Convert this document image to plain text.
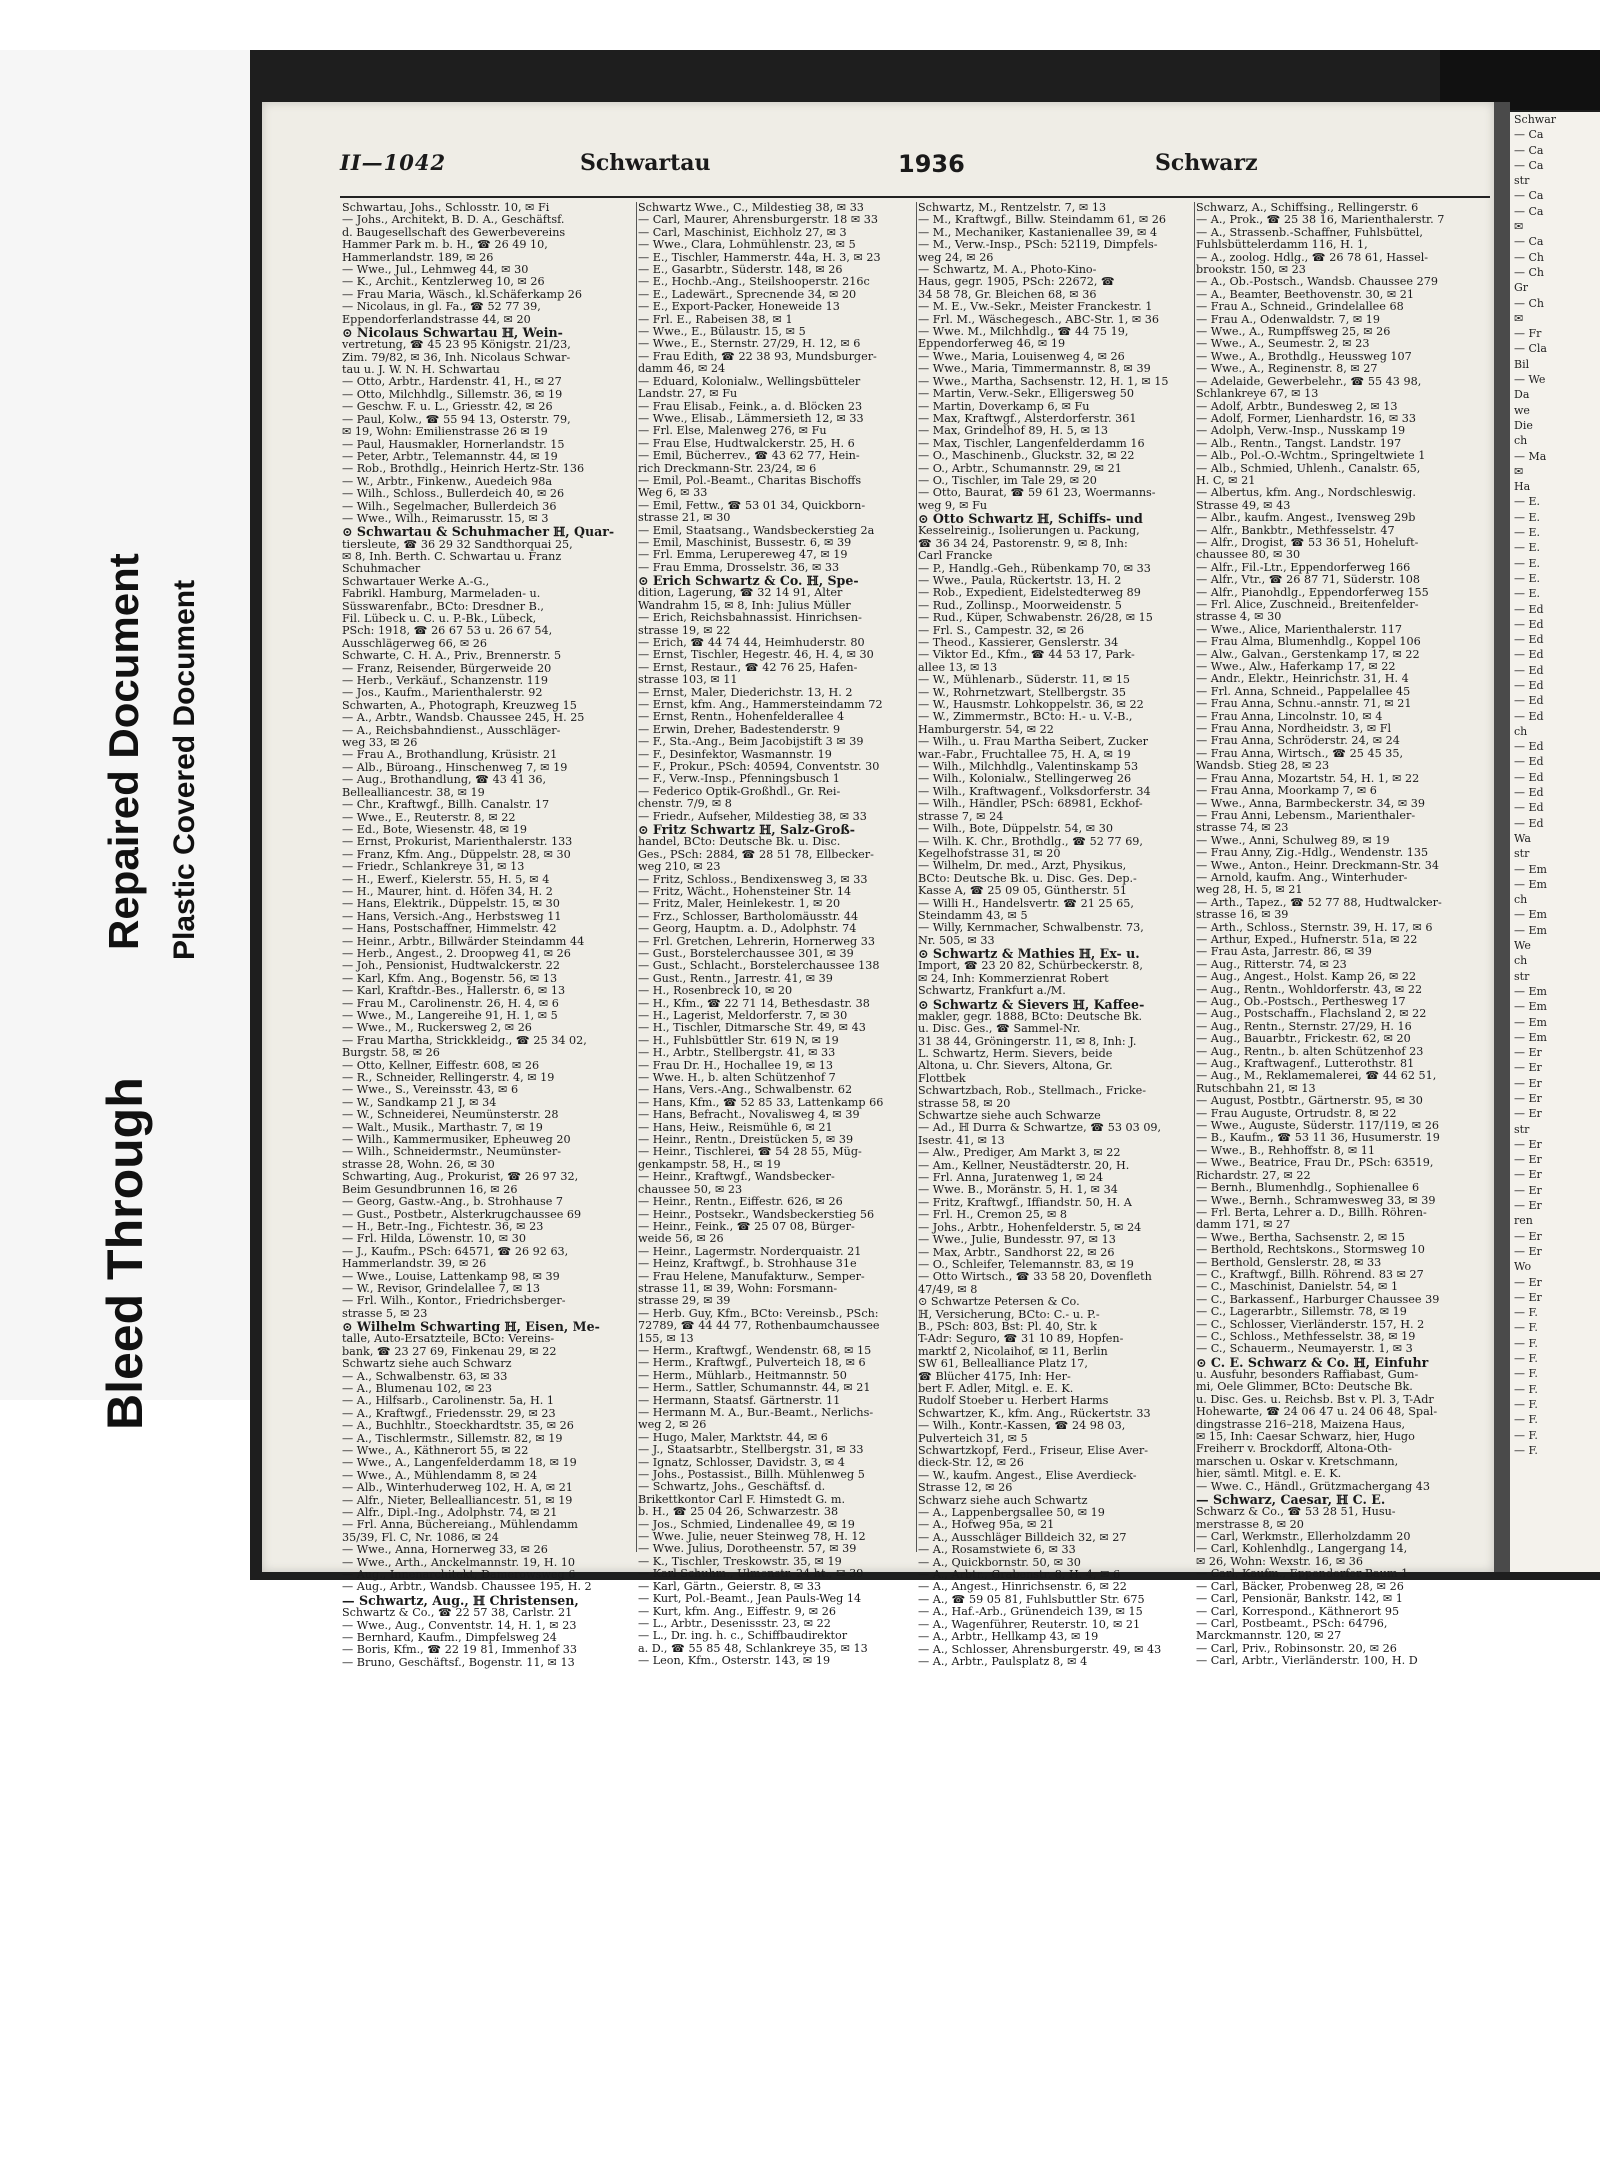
Bleed Through
Repaired Document Plastic Covered Document
Schwar
— Ca
— Ca
— Ca
str
— Ca
— Ca
✉
— Ca
— Ch
— Ch
Gr
— Ch
✉
— Fr
— Cla
Bil
— We
Da
we
Die
ch
— Ma
✉
Ha
— E.
— E.
— E.
— E.
— E.
— E.
— E.
— Ed
— Ed
— Ed
— Ed
— Ed
— Ed
— Ed
— Ed
ch
— Ed
— Ed
— Ed
— Ed
— Ed
— Ed
Wa
str
— Em
— Em
ch
— Em
— Em
We
ch
str
— Em
— Em
— Em
— Em
— Er
— Er
— Er
— Er
— Er
str
— Er
— Er
— Er
— Er
— Er
ren
— Er
— Er
Wo
— Er
— Er
— F.
— F.
— F.
— F.
— F.
— F.
— F.
— F.
— F.
— F.
II—1042	Schwartau	1936	Schwarz
Schwartau, Johs., Schlosstr. 10, ✉ Fi
— Johs., Architekt, B. D. A., Geschäftsf.
d. Baugesellschaft des Gewerbevereins
Hammer Park m. b. H., ☎ 26 49 10,
Hammerlandstr. 189, ✉ 26
— Wwe., Jul., Lehmweg 44, ✉ 30
— K., Archit., Kentzlerweg 10, ✉ 26
— Frau Maria, Wäsch., kl.Schäferkamp 26
— Nicolaus, in gl. Fa., ☎ 52 77 39,
Eppendorferlandstrasse 44, ✉ 20
⊙ Nicolaus Schwartau ℍ, Wein-
vertretung, ☎ 45 23 95 Königstr. 21/23,
Zim. 79/82, ✉ 36, Inh. Nicolaus Schwar-
tau u. J. W. N. H. Schwartau
— Otto, Arbtr., Hardenstr. 41, H., ✉ 27
— Otto, Milchhdlg., Sillemstr. 36, ✉ 19
— Geschw. F. u. L., Griesstr. 42, ✉ 26
— Paul, Kolw., ☎ 55 94 13, Osterstr. 79,
✉ 19, Wohn: Emilienstrasse 26 ✉ 19
— Paul, Hausmakler, Hornerlandstr. 15
— Peter, Arbtr., Telemannstr. 44, ✉ 19
— Rob., Brothdlg., Heinrich Hertz-Str. 136
— W., Arbtr., Finkenw., Auedeich 98a
— Wilh., Schloss., Bullerdeich 40, ✉ 26
— Wilh., Segelmacher, Bullerdeich 36
— Wwe., Wilh., Reimarusstr. 15, ✉ 3
⊙ Schwartau & Schuhmacher ℍ, Quar-
tiersleute, ☎ 36 29 32 Sandthorquai 25,
✉ 8, Inh. Berth. C. Schwartau u. Franz
Schuhmacher
Schwartauer Werke A.-G.,
Fabrikl. Hamburg, Marmeladen- u.
Süsswarenfabr., BCto: Dresdner B.,
Fil. Lübeck u. C. u. P.-Bk., Lübeck,
PSch: 1918, ☎ 26 67 53 u. 26 67 54,
Ausschlägerweg 66, ✉ 26
Schwarte, C. H. A., Priv., Brennerstr. 5
— Franz, Reisender, Bürgerweide 20
— Herb., Verkäuf., Schanzenstr. 119
— Jos., Kaufm., Marienthalerstr. 92
Schwarten, A., Photograph, Kreuzweg 15
— A., Arbtr., Wandsb. Chaussee 245, H. 25
— A., Reichsbahndienst., Ausschläger-
weg 33, ✉ 26
— Frau A., Brothandlung, Krüsistr. 21
— Alb., Büroang., Hinschenweg 7, ✉ 19
— Aug., Brothandlung, ☎ 43 41 36,
Bellealliancestr. 38, ✉ 19
— Chr., Kraftwgf., Billh. Canalstr. 17
— Wwe., E., Reuterstr. 8, ✉ 22
— Ed., Bote, Wiesenstr. 48, ✉ 19
— Ernst, Prokurist, Marienthalerstr. 133
— Franz, Kfm. Ang., Düppelstr. 28, ✉ 30
— Friedr., Schlankreye 31, ✉ 13
— H., Ewerf., Kielerstr. 55, H. 5, ✉ 4
— H., Maurer, hint. d. Höfen 34, H. 2
— Hans, Elektrik., Düppelstr. 15, ✉ 30
— Hans, Versich.-Ang., Herbstsweg 11
— Hans, Postschaffner, Himmelstr. 42
— Heinr., Arbtr., Billwärder Steindamm 44
— Herb., Angest., 2. Droopweg 41, ✉ 26
— Joh., Pensionist, Hudtwalckerstr. 22
— Karl, Kfm. Ang., Bogenstr. 56, ✉ 13
— Karl, Kraftdr.-Bes., Hallerstr. 6, ✉ 13
— Frau M., Carolinenstr. 26, H. 4, ✉ 6
— Wwe., M., Langereihe 91, H. 1, ✉ 5
— Wwe., M., Ruckersweg 2, ✉ 26
— Frau Martha, Strickkleidg., ☎ 25 34 02,
Burgstr. 58, ✉ 26
— Otto, Kellner, Eiffestr. 608, ✉ 26
— R., Schneider, Rellingerstr. 4, ✉ 19
— Wwe., S., Vereinsstr. 43, ✉ 6
— W., Sandkamp 21 J, ✉ 34
— W., Schneiderei, Neumünsterstr. 28
— Walt., Musik., Marthastr. 7, ✉ 19
— Wilh., Kammermusiker, Epheuweg 20
— Wilh., Schneidermstr., Neumünster-
strasse 28, Wohn. 26, ✉ 30
Schwarting, Aug., Prokurist, ☎ 26 97 32,
Beim Gesundbrunnen 16, ✉ 26
— Georg, Gastw.-Ang., b. Strohhause 7
— Gust., Postbetr., Alsterkrugchaussee 69
— H., Betr.-Ing., Fichtestr. 36, ✉ 23
— Frl. Hilda, Löwenstr. 10, ✉ 30
— J., Kaufm., PSch: 64571, ☎ 26 92 63,
Hammerlandstr. 39, ✉ 26
— Wwe., Louise, Lattenkamp 98, ✉ 39
— W., Revisor, Grindelallee 7, ✉ 13
— Frl. Wilh., Kontor., Friedrichsberger-
strasse 5, ✉ 23
⊙ Wilhelm Schwarting ℍ, Eisen, Me-
talle, Auto-Ersatzteile, BCto: Vereins-
bank, ☎ 23 27 69, Finkenau 29, ✉ 22
Schwartz siehe auch Schwarz
— A., Schwalbenstr. 63, ✉ 33
— A., Blumenau 102, ✉ 23
— A., Hilfsarb., Carolinenstr. 5a, H. 1
— A., Kraftwgf., Friedensstr. 29, ✉ 23
— A., Buchhltr., Stoeckhardtstr. 35, ✉ 26
— A., Tischlermstr., Sillemstr. 82, ✉ 19
— Wwe., A., Käthnerort 55, ✉ 22
— Wwe., A., Langenfelderdamm 18, ✉ 19
— Wwe., A., Mühlendamm 8, ✉ 24
— Alb., Winterhuderweg 102, H. A, ✉ 21
— Alfr., Nieter, Bellealliancestr. 51, ✉ 19
— Alfr., Dipl.-Ing., Adolphstr. 74, ✉ 21
— Frl. Anna, Büchereiang., Mühlendamm
35/39, Fl. C, Nr. 1086, ✉ 24
— Wwe., Anna, Hornerweg 33, ✉ 26
— Wwe., Arth., Anckelmannstr. 19, H. 10
— Aug., Innenarchitekt, Damerowsweg 6
— Aug., Arbtr., Wandsb. Chaussee 195, H. 2
— Schwartz, Aug., ℍ Christensen,
Schwartz & Co., ☎ 22 57 38, Carlstr. 21
— Wwe., Aug., Conventstr. 14, H. 1, ✉ 23
— Bernhard, Kaufm., Dimpfelsweg 24
— Boris, Kfm., ☎ 22 19 81, Immenhof 33
— Bruno, Geschäftsf., Bogenstr. 11, ✉ 13
Schwartz Wwe., C., Mildestieg 38, ✉ 33
— Carl, Maurer, Ahrensburgerstr. 18 ✉ 33
— Carl, Maschinist, Eichholz 27, ✉ 3
— Wwe., Clara, Lohmühlenstr. 23, ✉ 5
— E., Tischler, Hammerstr. 44a, H. 3, ✉ 23
— E., Gasarbtr., Süderstr. 148, ✉ 26
— E., Hochb.-Ang., Steilshooperstr. 216c
— E., Ladewärt., Sprecnende 34, ✉ 20
— E., Export-Packer, Honeweide 13
— Frl. E., Rabeisen 38, ✉ 1
— Wwe., E., Bülaustr. 15, ✉ 5
— Wwe., E., Sternstr. 27/29, H. 12, ✉ 6
— Frau Edith, ☎ 22 38 93, Mundsburger-
damm 46, ✉ 24
— Eduard, Kolonialw., Wellingsbütteler
Landstr. 27, ✉ Fu
— Frau Elisab., Feink., a. d. Blöcken 23
— Wwe., Elisab., Lämmersieth 12, ✉ 33
— Frl. Else, Malenweg 276, ✉ Fu
— Frau Else, Hudtwalckerstr. 25, H. 6
— Emil, Bücherrev., ☎ 43 62 77, Hein-
rich Dreckmann-Str. 23/24, ✉ 6
— Emil, Pol.-Beamt., Charitas Bischoffs
Weg 6, ✉ 33
— Emil, Fettw., ☎ 53 01 34, Quickborn-
strasse 21, ✉ 30
— Emil, Staatsang., Wandsbeckerstieg 2a
— Emil, Maschinist, Bussestr. 6, ✉ 39
— Frl. Emma, Lerupereweg 47, ✉ 19
— Frau Emma, Drosselstr. 36, ✉ 33
⊙ Erich Schwartz & Co. ℍ, Spe-
dition, Lagerung, ☎ 32 14 91, Alter
Wandrahm 15, ✉ 8, Inh: Julius Müller
— Erich, Reichsbahnassist. Hinrichsen-
strasse 19, ✉ 22
— Erich, ☎ 44 74 44, Heimhuderstr. 80
— Ernst, Tischler, Hegestr. 46, H. 4, ✉ 30
— Ernst, Restaur., ☎ 42 76 25, Hafen-
strasse 103, ✉ 11
— Ernst, Maler, Diederichstr. 13, H. 2
— Ernst, kfm. Ang., Hammersteindamm 72
— Ernst, Rentn., Hohenfelderallee 4
— Erwin, Dreher, Badestenderstr. 9
— F., Sta.-Ang., Beim Jacobijstift 3 ✉ 39
— F., Desinfektor, Wasmannstr. 19
— F., Prokur., PSch: 40594, Conventstr. 30
— F., Verw.-Insp., Pfenningsbusch 1
— Federico Optik-Großhdl., Gr. Rei-
chenstr. 7/9, ✉ 8
— Friedr., Aufseher, Mildestieg 38, ✉ 33
⊙ Fritz Schwartz ℍ, Salz-Groß-
handel, BCto: Deutsche Bk. u. Disc.
Ges., PSch: 2884, ☎ 28 51 78, Ellbecker-
weg 210, ✉ 23
— Fritz, Schloss., Bendixensweg 3, ✉ 33
— Fritz, Wächt., Hohensteiner Str. 14
— Fritz, Maler, Heinlekestr. 1, ✉ 20
— Frz., Schlosser, Bartholomäusstr. 44
— Georg, Hauptm. a. D., Adolphstr. 74
— Frl. Gretchen, Lehrerin, Hornerweg 33
— Gust., Borstelerchaussee 301, ✉ 39
— Gust., Schlacht., Borstelerchaussee 138
— Gust., Rentn., Jarrestr. 41, ✉ 39
— H., Rosenbreck 10, ✉ 20
— H., Kfm., ☎ 22 71 14, Bethesdastr. 38
— H., Lagerist, Meldorferstr. 7, ✉ 30
— H., Tischler, Ditmarsche Str. 49, ✉ 43
— H., Fuhlsbüttler Str. 619 N, ✉ 19
— H., Arbtr., Stellbergstr. 41, ✉ 33
— Frau Dr. H., Hochallee 19, ✉ 13
— Wwe. H., b. alten Schützenhof 7
— Hans, Vers.-Ang., Schwalbenstr. 62
— Hans, Kfm., ☎ 52 85 33, Lattenkamp 66
— Hans, Befracht., Novaliswеg 4, ✉ 39
— Hans, Heiw., Reismühle 6, ✉ 21
— Heinr., Rentn., Dreistücken 5, ✉ 39
— Heinr., Tischlerei, ☎ 54 28 55, Müg-
genkampstr. 58, H., ✉ 19
— Heinr., Kraftwgf., Wandsbecker-
chaussee 50, ✉ 23
— Heinr., Rentn., Eiffestr. 626, ✉ 26
— Heinr., Postsekr., Wandsbeckerstieg 56
— Heinr., Feink., ☎ 25 07 08, Bürger-
weide 56, ✉ 26
— Heinr., Lagermstr. Norderquaistr. 21
— Heinz, Kraftwgf., b. Strohhause 31e
— Frau Helene, Manufakturw., Semper-
strasse 11, ✉ 39, Wohn: Forsmann-
strasse 29, ✉ 39
— Herb. Guy, Kfm., BCto: Vereinsb., PSch:
72789, ☎ 44 44 77, Rothenbaumchaussee
155, ✉ 13
— Herm., Kraftwgf., Wendenstr. 68, ✉ 15
— Herm., Kraftwgf., Pulverteich 18, ✉ 6
— Herm., Mühlarb., Heitmannstr. 50
— Herm., Sattler, Schumannstr. 44, ✉ 21
— Hermann, Staatsf. Gärtnerstr. 11
— Hermann M. A., Bur.-Beamt., Nerlichs-
weg 2, ✉ 26
— Hugo, Maler, Marktstr. 44, ✉ 6
— J., Staatsarbtr., Stellbergstr. 31, ✉ 33
— Ignatz, Schlosser, Davidstr. 3, ✉ 4
— Johs., Postassist., Billh. Mühlenweg 5
— Schwartz, Johs., Geschäftsf. d.
Brikettkontor Carl F. Himstedt G. m.
b. H., ☎ 25 04 26, Schwarzestr. 38
— Jos., Schmied, Lindenallee 49, ✉ 19
— Wwe. Julie, neuer Steinweg 78, H. 12
— Wwe. Julius, Dorotheenstr. 57, ✉ 39
— K., Tischler, Treskowstr. 35, ✉ 19
— Karl Schuhm., Ulmenstr. 24 ht., ✉ 39
— Karl, Gärtn., Geierstr. 8, ✉ 33
— Kurt, Pol.-Beamt., Jean Pauls-Weg 14
— Kurt, kfm. Ang., Eiffestr. 9, ✉ 26
— L., Arbtr., Desenissstr. 23, ✉ 22
— L., Dr. ing. h. c., Schiffbaudirektor
a. D., ☎ 55 85 48, Schlankreye 35, ✉ 13
— Leon, Kfm., Osterstr. 143, ✉ 19
Schwartz, M., Rentzelstr. 7, ✉ 13
— M., Kraftwgf., Billw. Steindamm 61, ✉ 26
— M., Mechaniker, Kastanienallee 39, ✉ 4
— M., Verw.-Insp., PSch: 52119, Dimpfels-
weg 24, ✉ 26
— Schwartz, M. A., Photo-Kino-
Haus, gegr. 1905, PSch: 22672, ☎
34 58 78, Gr. Bleichen 68, ✉ 36
— M. E., Vw.-Sekr., Meister Franckestr. 1
— Frl. M., Wäschegesch., ABC-Str. 1, ✉ 36
— Wwe. M., Milchhdlg., ☎ 44 75 19,
Eppendorferweg 46, ✉ 19
— Wwe., Maria, Louisenweg 4, ✉ 26
— Wwe., Maria, Timmermannstr. 8, ✉ 39
— Wwe., Martha, Sachsenstr. 12, H. 1, ✉ 15
— Martin, Verw.-Sekr., Elligersweg 50
— Martin, Doverkamp 6, ✉ Fu
— Max, Kraftwgf., Alsterdorferstr. 361
— Max, Grindelhof 89, H. 5, ✉ 13
— Max, Tischler, Langenfelderdamm 16
— O., Maschinenb., Gluckstr. 32, ✉ 22
— O., Arbtr., Schumannstr. 29, ✉ 21
— O., Tischler, im Tale 29, ✉ 20
— Otto, Baurat, ☎ 59 61 23, Woermanns-
weg 9, ✉ Fu
⊙ Otto Schwartz ℍ, Schiffs- und
Kesselreinig., Isolierungen u. Packung,
☎ 36 34 24, Pastorenstr. 9, ✉ 8, Inh:
Carl Francke
— P., Handlg.-Geh., Rübenkamp 70, ✉ 33
— Wwe., Paula, Rückertstr. 13, H. 2
— Rob., Expedient, Eidelstedterweg 89
— Rud., Zollinsp., Moorweidenstr. 5
— Rud., Küper, Schwabenstr. 26/28, ✉ 15
— Frl. S., Campestr. 32, ✉ 26
— Theod., Kassierer, Genslerstr. 34
— Viktor Ed., Kfm., ☎ 44 53 17, Park-
allee 13, ✉ 13
— W., Mühlenarb., Süderstr. 11, ✉ 15
— W., Rohrnetzwart, Stellbergstr. 35
— W., Hausmstr. Lohkoppelstr. 36, ✉ 22
— W., Zimmermstr., BCto: H.- u. V.-B.,
Hamburgerstr. 54, ✉ 22
— Wilh., u. Frau Martha Seibert, Zucker
war.-Fabr., Fruchtallee 75, H. A, ✉ 19
— Wilh., Milchhdlg., Valentinskamp 53
— Wilh., Kolonialw., Stellingerweg 26
— Wilh., Kraftwagenf., Volksdorferstr. 34
— Wilh., Händler, PSch: 68981, Eckhof-
strasse 7, ✉ 24
— Wilh., Bote, Düppelstr. 54, ✉ 30
— Wilh. K. Chr., Brothdlg., ☎ 52 77 69,
Kegelhofstrasse 31, ✉ 20
— Wilhelm, Dr. med., Arzt, Physikus,
BCto: Deutsche Bk. u. Disc. Ges. Dep.-
Kasse A, ☎ 25 09 05, Güntherstr. 51
— Willi H., Handelsvertr. ☎ 21 25 65,
Steindamm 43, ✉ 5
— Willy, Kernmacher, Schwalbenstr. 73,
Nr. 505, ✉ 33
⊙ Schwartz & Mathies ℍ, Ex- u.
Import, ☎ 23 20 82, Schürbeckerstr. 8,
✉ 24, Inh: Kommerzienrat Robert
Schwartz, Frankfurt a./M.
⊙ Schwartz & Sievers ℍ, Kaffee-
makler, gegr. 1888, BCto: Deutsche Bk.
u. Disc. Ges., ☎ Sammel-Nr.
31 38 44, Gröningerstr. 11, ✉ 8, Inh: J.
L. Schwartz, Herm. Sievers, beide
Altona, u. Chr. Sievers, Altona, Gr.
Flottbek
Schwartzbach, Rob., Stellmach., Fricke-
strasse 58, ✉ 20
Schwartze siehe auch Schwarze
— Ad., ℍ Durra & Schwartze, ☎ 53 03 09,
Isestr. 41, ✉ 13
— Alw., Prediger, Am Markt 3, ✉ 22
— Am., Kellner, Neustädterstr. 20, H.
— Frl. Anna, Juratenweg 1, ✉ 24
— Wwe. B., Moränstr. 5, H. 1, ✉ 34
— Fritz, Kraftwgf., Iffiandstr. 50, H. A
— Frl. H., Cremon 25, ✉ 8
— Johs., Arbtr., Hohenfelderstr. 5, ✉ 24
— Wwe., Julie, Bundesstr. 97, ✉ 13
— Max, Arbtr., Sandhorst 22, ✉ 26
— O., Schleifer, Telemannstr. 83, ✉ 19
— Otto Wirtsch., ☎ 33 58 20, Dovenfleth
47/49, ✉ 8
⊙ Schwartze Petersen & Co.
ℍ, Versicherung, BCto: C.- u. P.-
B., PSch: 803, Bst: Pl. 40, Str. k
T-Adr: Seguro, ☎ 31 10 89, Hopfen-
marktf 2, Nicolaihof, ✉ 11, Berlin
SW 61, Bellealliance Platz 17,
☎ Blücher 4175, Inh: Her-
bert F. Adler, Mitgl. e. E. K.
Rudolf Stoeber u. Herbert Harms
Schwartzer, K., kfm. Ang., Rückertstr. 33
— Wilh., Kontr.-Kassen, ☎ 24 98 03,
Pulverteich 31, ✉ 5
Schwartzkopf, Ferd., Friseur, Elise Aver-
dieck-Str. 12, ✉ 26
— W., kaufm. Angest., Elise Averdieck-
Strasse 12, ✉ 26
Schwarz siehe auch Schwartz
— A., Lappenbergsallee 50, ✉ 19
— A., Hofweg 95a, ✉ 21
— A., Ausschläger Billdeich 32, ✉ 27
— A., Rosamstwiete 6, ✉ 33
— A., Quickbornstr. 50, ✉ 30
— A., Arbtr., Grabenstr. 8, H. 4, ✉ 6
— A., Angest., Hinrichsenstr. 6, ✉ 22
— A., ☎ 59 05 81, Fuhlsbuttler Str. 675
— A., Haf.-Arb., Grünendeich 139, ✉ 15
— A., Wagenführer, Reuterstr. 10, ✉ 21
— A., Arbtr., Hellkamp 43, ✉ 19
— A., Schlosser, Ahrensburgerstr. 49, ✉ 43
— A., Arbtr., Paulsplatz 8, ✉ 4
Schwarz, A., Schiffsing., Rellingerstr. 6
— A., Prok., ☎ 25 38 16, Marienthalerstr. 7
— A., Strassenb.-Schaffner, Fuhlsbüttel,
Fuhlsbüttelerdamm 116, H. 1,
— A., zoolog. Hdlg., ☎ 26 78 61, Hassel-
brookstr. 150, ✉ 23
— A., Ob.-Postsch., Wandsb. Chaussee 279
— A., Beamter, Beethovenstr. 30, ✉ 21
— Frau A., Schneid., Grindelallee 68
— Frau A., Odenwaldstr. 7, ✉ 19
— Wwe., A., Rumpffsweg 25, ✉ 26
— Wwe., A., Seumestr. 2, ✉ 23
— Wwe., A., Brothdlg., Heussweg 107
— Wwe., A., Reginenstr. 8, ✉ 27
— Adelaide, Gewerbelehr., ☎ 55 43 98,
Schlankreye 67, ✉ 13
— Adolf, Arbtr., Bundesweg 2, ✉ 13
— Adolf, Former, Lienhardstr. 16, ✉ 33
— Adolph, Verw.-Insp., Nusskamp 19
— Alb., Rentn., Tangst. Landstr. 197
— Alb., Pol.-O.-Wchtm., Springeltwiete 1
— Alb., Schmied, Uhlenh., Canalstr. 65,
H. C, ✉ 21
— Albertus, kfm. Ang., Nordschleswig.
Strasse 49, ✉ 43
— Albr., kaufm. Angest., Ivensweg 29b
— Alfr., Bankbtr., Methfesselstr. 47
— Alfr., Drogist, ☎ 53 36 51, Hoheluft-
chaussee 80, ✉ 30
— Alfr., Fil.-Ltr., Eppendorferweg 166
— Alfr., Vtr., ☎ 26 87 71, Süderstr. 108
— Alfr., Pianohdlg., Eppendorferweg 155
— Frl. Alice, Zuschneid., Breitenfelder-
strasse 4, ✉ 30
— Wwe., Alice, Marienthalerstr. 117
— Frau Alma, Blumenhdlg., Koppel 106
— Alw., Galvan., Gerstenkamp 17, ✉ 22
— Wwe., Alw., Haferkamp 17, ✉ 22
— Andr., Elektr., Heinrichstr. 31, H. 4
— Frl. Anna, Schneid., Pappelallee 45
— Frau Anna, Schnu.-annstr. 71, ✉ 21
— Frau Anna, Lincolnstr. 10, ✉ 4
— Frau Anna, Nordheidstr. 3, ✉ Fl
— Frau Anna, Schröderstr. 24, ✉ 24
— Frau Anna, Wirtsch., ☎ 25 45 35,
Wandsb. Stieg 28, ✉ 23
— Frau Anna, Mozartstr. 54, H. 1, ✉ 22
— Frau Anna, Moorkamp 7, ✉ 6
— Wwe., Anna, Barmbeckerstr. 34, ✉ 39
— Frau Anni, Lebensm., Marienthaler-
strasse 74, ✉ 23
— Wwe., Anni, Schulweg 89, ✉ 19
— Frau Anny, Zig.-Hdlg., Wendenstr. 135
— Wwe., Anton., Heinr. Dreckmann-Str. 34
— Arnold, kaufm. Ang., Winterhuder-
weg 28, H. 5, ✉ 21
— Arth., Tapez., ☎ 52 77 88, Hudtwalcker-
strasse 16, ✉ 39
— Arth., Schloss., Sternstr. 39, H. 17, ✉ 6
— Arthur, Exped., Hufnerstr. 51a, ✉ 22
— Frau Asta, Jarrestr. 86, ✉ 39
— Aug., Ritterstr. 74, ✉ 23
— Aug., Angest., Holst. Kamp 26, ✉ 22
— Aug., Rentn., Wohldorferstr. 43, ✉ 22
— Aug., Ob.-Postsch., Perthesweg 17
— Aug., Postschaffn., Flachsland 2, ✉ 22
— Aug., Rentn., Sternstr. 27/29, H. 16
— Aug., Bauarbtr., Frickestr. 62, ✉ 20
— Aug., Rentn., b. alten Schützenhof 23
— Aug., Kraftwagenf., Lutterothstr. 81
— Aug., M., Reklamemalerei, ☎ 44 62 51,
Rutschbahn 21, ✉ 13
— August, Postbtr., Gärtnerstr. 95, ✉ 30
— Frau Auguste, Ortrudstr. 8, ✉ 22
— Wwe., Auguste, Süderstr. 117/119, ✉ 26
— B., Kaufm., ☎ 53 11 36, Husumerstr. 19
— Wwe., B., Rehhoffstr. 8, ✉ 11
— Wwe., Beatrice, Frau Dr., PSch: 63519,
Richardstr. 27, ✉ 22
— Bernh., Blumenhdlg., Sophienallee 6
— Wwe., Bernh., Schramwesweg 33, ✉ 39
— Frl. Berta, Lehrer a. D., Billh. Röhren-
damm 171, ✉ 27
— Wwe., Bertha, Sachsenstr. 2, ✉ 15
— Berthold, Rechtskons., Stormsweg 10
— Berthold, Genslerstr. 28, ✉ 33
— C., Kraftwgf., Billh. Röhrend. 83 ✉ 27
— C., Maschinist, Danielstr. 54, ✉ 1
— C., Barkassenf., Harburger Chaussee 39
— C., Lagerarbtr., Sillemstr. 78, ✉ 19
— C., Schlosser, Vierländerstr. 157, H. 2
— C., Schloss., Methfesselstr. 38, ✉ 19
— C., Schauerm., Neumayerstr. 1, ✉ 3
⊙ C. E. Schwarz & Co. ℍ, Einfuhr
u. Ausfuhr, besonders Raffiabast, Gum-
mi, Oele Glimmer, BCto: Deutsche Bk.
u. Disc. Ges. u. Reichsb. Bst v. Pl. 3, T-Adr
Hohewarte, ☎ 24 06 47 u. 24 06 48, Spal-
dingstrasse 216–218, Maizena Haus,
✉ 15, Inh: Caesar Schwarz, hier, Hugo
Freiherr v. Brockdorff, Altona-Oth-
marschen u. Oskar v. Kretschmann,
hier, sämtl. Mitgl. e. E. K.
— Wwe. C., Händl., Grützmachergang 43
— Schwarz, Caesar, ℍ C. E.
Schwarz & Co., ☎ 53 28 51, Husu-
merstrasse 8, ✉ 20
— Carl, Werkmstr., Ellerholzdamm 20
— Carl, Kohlenhdlg., Langergang 14,
✉ 26, Wohn: Wexstr. 16, ✉ 36
— Carl, Kaufm., Eppendorfer Baum 1
— Carl, Bäcker, Probenweg 28, ✉ 26
— Carl, Pensionär, Bankstr. 142, ✉ 1
— Carl, Korrespond., Käthnerort 95
— Carl, Postbeamt., PSch: 64796,
Marckmannstr. 120, ✉ 27
— Carl, Priv., Robinsonstr. 20, ✉ 26
— Carl, Arbtr., Vierländerstr. 100, H. D
